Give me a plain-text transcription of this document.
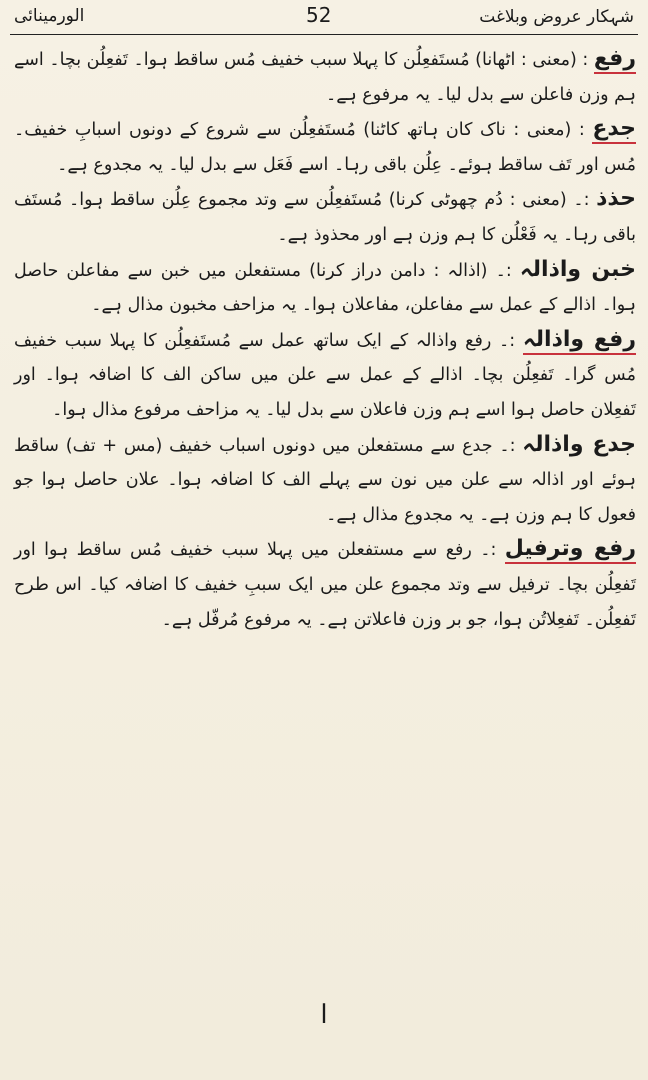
شہکار عروض وبلاغت
52
الورمینائی

رفع : (معنی : اٹھانا) مُستَفعِلُن کا پہلا سبب خفیف مُس ساقط ہوا۔ تَفعِلُن بچا۔ اسے ہم وزن فاعلن سے بدل لیا۔ یہ مرفوع ہے۔

جدع : (معنی : ناک کان ہاتھ کاٹنا) مُستَفعِلُن سے شروع کے دونوں اسبابِ خفیف۔ مُس اور تَف ساقط ہوئے۔ عِلُن باقی رہا۔ اسے فَعَل سے بدل لیا۔ یہ مجدوع ہے۔

حذذ :۔ (معنی : دُم چھوٹی کرنا) مُستَفعِلُن سے وتد مجموع عِلُن ساقط ہوا۔ مُستَف باقی رہا۔ یہ فَعْلُن کا ہم وزن ہے اور محذوذ ہے۔

خبن واذالہ :۔ (اذالہ : دامن دراز کرنا) مستفعلن میں خبن سے مفاعلن حاصل ہوا۔ اذالے کے عمل سے مفاعلن، مفاعلان ہوا۔ یہ مزاحف مخبون مذال ہے۔

رفع واذالہ :۔ رفع واذالہ کے ایک ساتھ عمل سے مُستَفعِلُن کا پہلا سبب خفیف مُس گرا۔ تَفعِلُن بچا۔ اذالے کے عمل سے علن میں ساکن الف کا اضافہ ہوا۔ اور تَفعِلان حاصل ہوا اسے ہم وزن فاعلان سے بدل لیا۔ یہ مزاحف مرفوع مذال ہوا۔

جدع واذالہ :۔ جدع سے مستفعلن میں دونوں اسباب خفیف (مس + تف) ساقط ہوئے اور اذالہ سے علن میں نون سے پہلے الف کا اضافہ ہوا۔ علان حاصل ہوا جو فعول کا ہم وزن ہے۔ یہ مجدوع مذال ہے۔

رفع وترفیل :۔ رفع سے مستفعلن میں پہلا سبب خفیف مُس ساقط ہوا اور تَفعِلُن بچا۔ ترفیل سے وتد مجموع علن میں ایک سببِ خفیف کا اضافہ کیا۔ اس طرح تَفعِلُن۔ تَفعِلاتُن ہوا، جو بر وزن فاعلاتن ہے۔ یہ مرفوع مُرفّل ہے۔

ا
